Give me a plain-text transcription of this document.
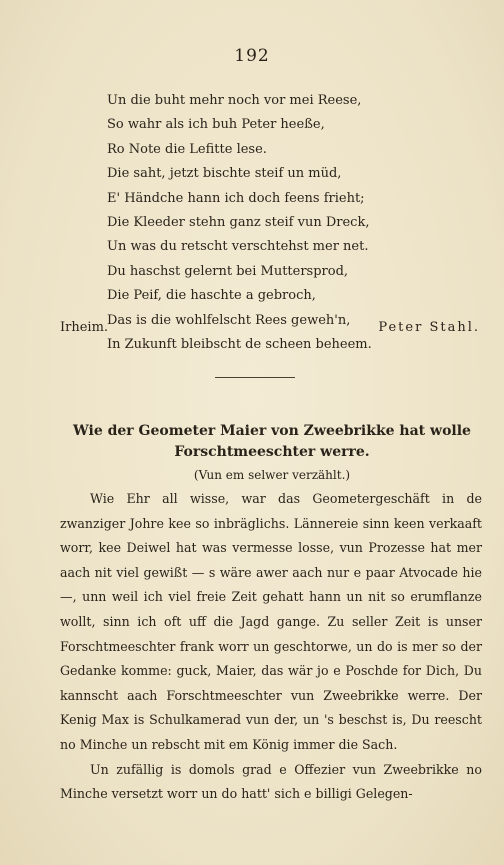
192
Un die buht mehr noch vor mei Reese,
So wahr als ich buh Peter heeße,
Ro Note die Lefitte lese.
Die saht, jetzt bischte steif un müd,
E' Händche hann ich doch feens frieht;
Die Kleeder stehn ganz steif vun Dreck,
Un was du retscht verschtehst mer net.
Du haschst gelernt bei Muttersprod,
Die Peif, die haschte a gebroch,
Das is die wohlfelscht Rees geweh'n,
In Zukunft bleibscht de scheen beheem.
Irheim.	Peter Stahl.
Wie der Geometer Maier von Zweebrikke hat wolle Forschtmeeschter werre.
(Vun em selwer verzählt.)

Wie Ehr all wisse, war das Geometergeschäft in de zwanziger Johre kee so inbräglichs. Lännereie sinn keen verkaaft worr, kee Deiwel hat was vermesse losse, vun Prozesse hat mer aach nit viel gewißt — s wäre awer aach nur e paar Atvocade hie —, unn weil ich viel freie Zeit gehatt hann un nit so erumflanze wollt, sinn ich oft uff die Jagd gange. Zu seller Zeit is unser Forschtmeeschter frank worr un geschtorwe, un do is mer so der Gedanke komme: guck, Maier, das wär jo e Poschde for Dich, Du kannscht aach Forschtmeeschter vun Zweebrikke werre. Der Kenig Max is Schulkamerad vun der, un 's beschst is, Du reescht no Minche un rebscht mit em König immer die Sach.

Un zufällig is domols grad e Offezier vun Zweebrikke no Minche versetzt worr un do hatt' sich e billigi Gelegen-
